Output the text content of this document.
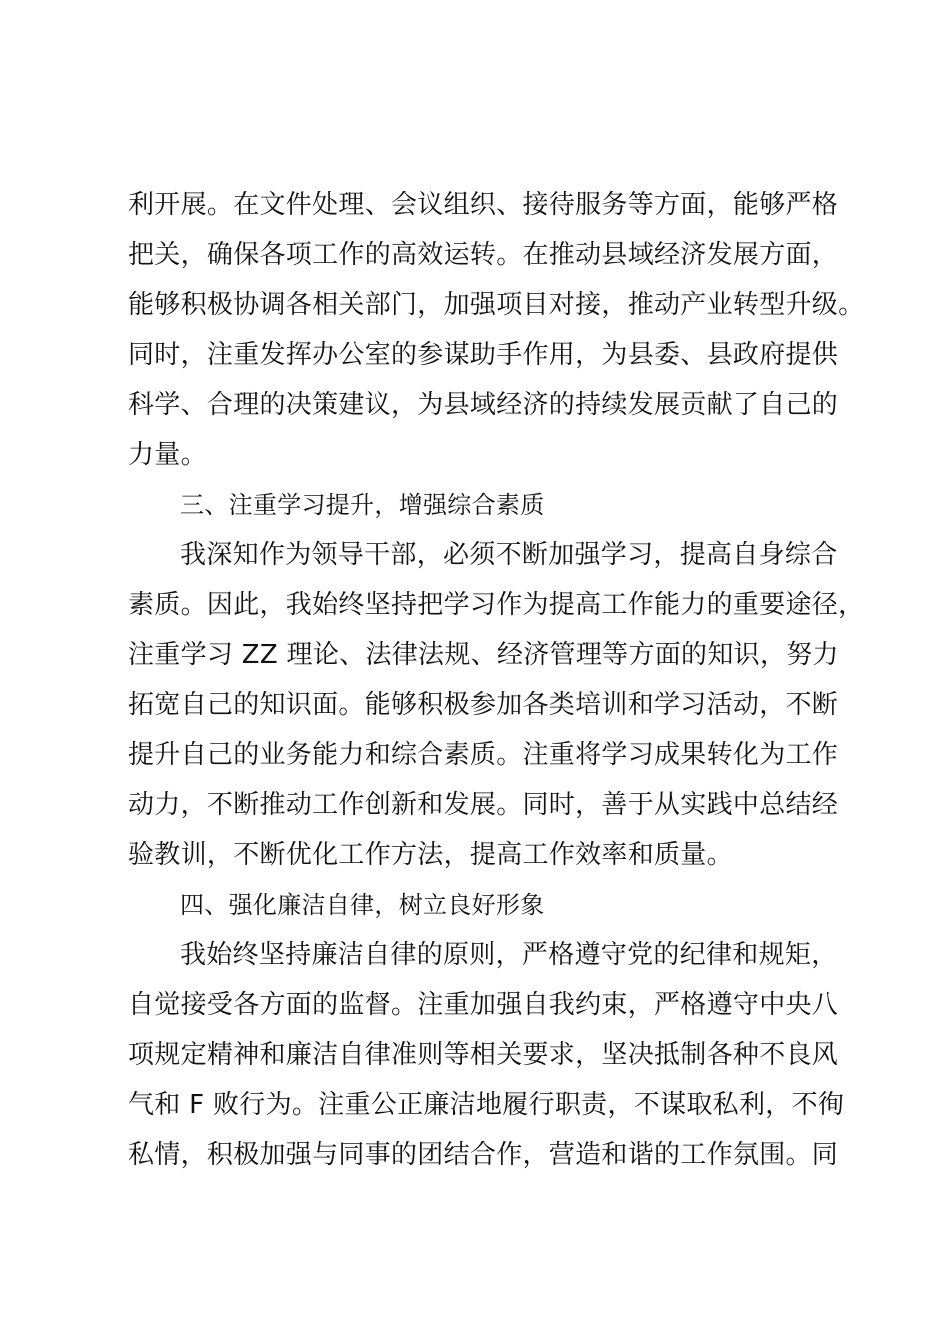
利开展。在文件处理、会议组织、接待服务等方面，能够严格
把关，确保各项工作的高效运转。在推动县域经济发展方面，
能够积极协调各相关部门，加强项目对接，推动产业转型升级。
同时，注重发挥办公室的参谋助手作用，为县委、县政府提供
科学、合理的决策建议，为县域经济的持续发展贡献了自己的
力量。
三、注重学习提升，增强综合素质
我深知作为领导干部，必须不断加强学习，提高自身综合
素质。因此，我始终坚持把学习作为提高工作能力的重要途径，
注重学习 ZZ 理论、法律法规、经济管理等方面的知识，努力
拓宽自己的知识面。能够积极参加各类培训和学习活动，不断
提升自己的业务能力和综合素质。注重将学习成果转化为工作
动力，不断推动工作创新和发展。同时，善于从实践中总结经
验教训，不断优化工作方法，提高工作效率和质量。
四、强化廉洁自律，树立良好形象
我始终坚持廉洁自律的原则，严格遵守党的纪律和规矩，
自觉接受各方面的监督。注重加强自我约束，严格遵守中央八
项规定精神和廉洁自律准则等相关要求，坚决抵制各种不良风
气和 F 败行为。注重公正廉洁地履行职责，不谋取私利，不徇
私情，积极加强与同事的团结合作，营造和谐的工作氛围。同
